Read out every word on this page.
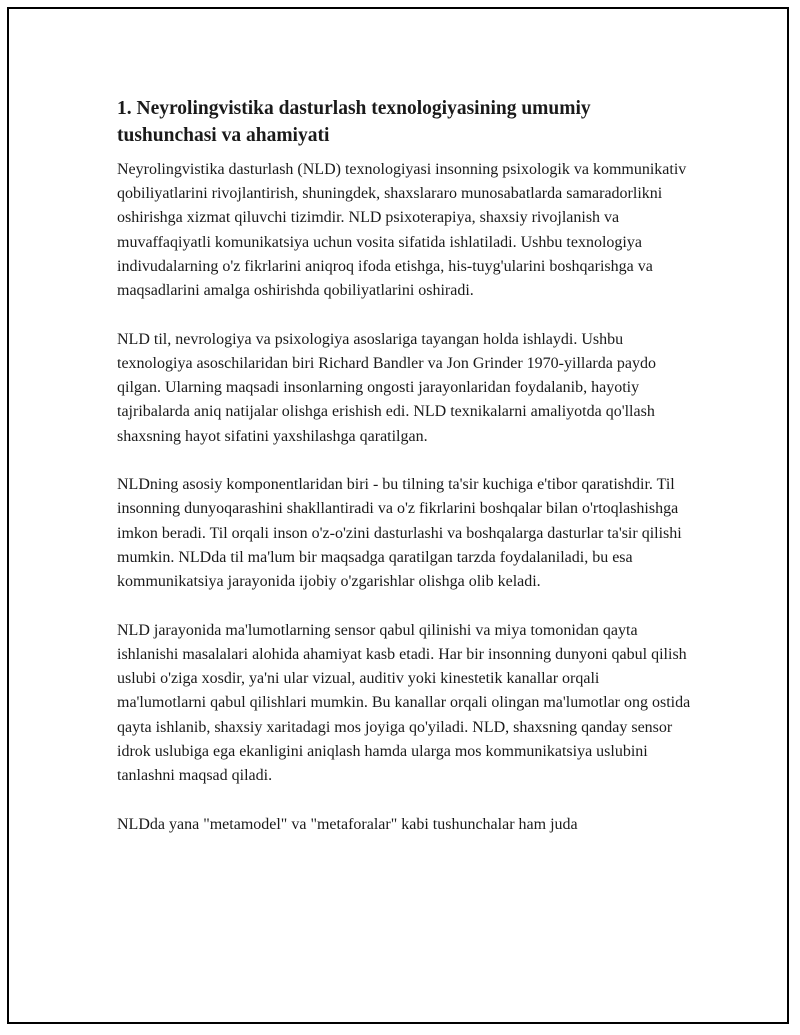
1. Neyrolingvistika dasturlash texnologiyasining umumiy tushunchasi va ahamiyati

Neyrolingvistika dasturlash (NLD) texnologiyasi insonning psixologik va kommunikativ qobiliyatlarini rivojlantirish, shuningdek, shaxslararo munosabatlarda samaradorlikni oshirishga xizmat qiluvchi tizimdir. NLD psixoterapiya, shaxsiy rivojlanish va muvaffaqiyatli komunikatsiya uchun vosita sifatida ishlatiladi. Ushbu texnologiya indivudalarning o'z fikrlarini aniqroq ifoda etishga, his-tuyg'ularini boshqarishga va maqsadlarini amalga oshirishda qobiliyatlarini oshiradi.

NLD til, nevrologiya va psixologiya asoslariga tayangan holda ishlaydi. Ushbu texnologiya asoschilaridan biri Richard Bandler va Jon Grinder 1970-yillarda paydo qilgan. Ularning maqsadi insonlarning ongosti jarayonlaridan foydalanib, hayotiy tajribalarda aniq natijalar olishga erishish edi. NLD texnikalarni amaliyotda qo'llash shaxsning hayot sifatini yaxshilashga qaratilgan.

NLDning asosiy komponentlaridan biri - bu tilning ta'sir kuchiga e'tibor qaratishdir. Til insonning dunyoqarashini shakllantiradi va o'z fikrlarini boshqalar bilan o'rtoqlashishga imkon beradi. Til orqali inson o'z-o'zini dasturlashi va boshqalarga dasturlar ta'sir qilishi mumkin. NLDda til ma'lum bir maqsadga qaratilgan tarzda foydalaniladi, bu esa kommunikatsiya jarayonida ijobiy o'zgarishlar olishga olib keladi.

NLD jarayonida ma'lumotlarning sensor qabul qilinishi va miya tomonidan qayta ishlanishi masalalari alohida ahamiyat kasb etadi. Har bir insonning dunyoni qabul qilish uslubi o'ziga xosdir, ya'ni ular vizual, auditiv yoki kinestetik kanallar orqali ma'lumotlarni qabul qilishlari mumkin. Bu kanallar orqali olingan ma'lumotlar ong ostida qayta ishlanib, shaxsiy xaritadagi mos joyiga qo'yiladi. NLD, shaxsning qanday sensor idrok uslubiga ega ekanligini aniqlash hamda ularga mos kommunikatsiya uslubini tanlashni maqsad qiladi.

NLDda yana "metamodel" va "metaforalar" kabi tushunchalar ham juda
